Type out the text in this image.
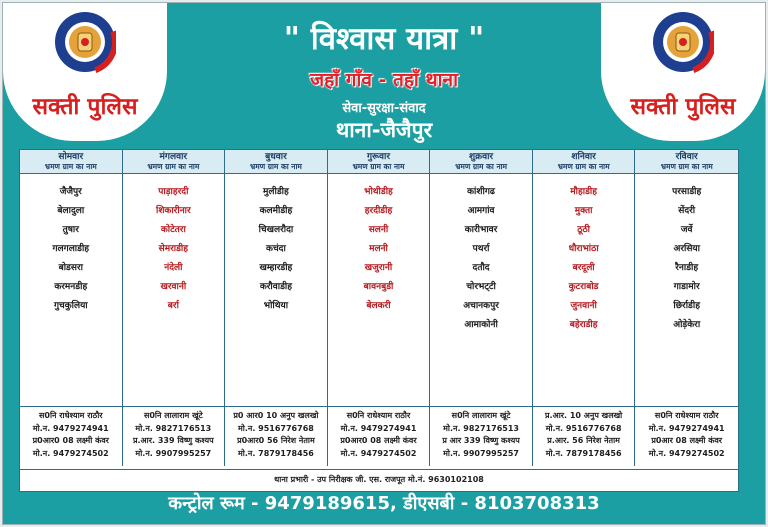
सक्ती पुलिस	सक्ती पुलिस
" विश्वास यात्रा "
जहाँ गाँव - तहाँ थाना
सेवा-सुरक्षा-संवाद
थाना-जैजैपुर
सोमवार
भ्रमण ग्राम का नाम
जैजैपुर
बेलादुला
तुषार
गलगलाडीह
बोडसरा
करमनडीह
गुचकुलिया
स0नि राधेश्याम राठौर
मो.न. 9479274941
प्र0आर0 08 लक्ष्मी कंवर
मो.न. 9479274502
मंगलवार
भ्रमण ग्राम का नाम
पाड़ाहरदी
शिकारीनार
कोटेतरा
सेमराडीह
नंदेली
खरवानी
बर्रा
स0नि लालाराम खूंटे
मो.न. 9827176513
प्र.आर. 339 विष्णु कश्यप
मो.न. 9907995257
बुधवार
भ्रमण ग्राम का नाम
मुलीडीह
कलमीडीह
चिखलरौदा
कचंदा
खम्हारडीह
करौवाडीह
भोथिया
प्र0 आर0 10 अनुप खलखो
मो.न. 9516776768
प्र0आर0 56 निरेश नेताम
मो.न. 7879178456
गुरूवार
भ्रमण ग्राम का नाम
भोथीडीह
हरदीडीह
सलनी
मलनी
खजुरानी
बावनबुडी
बेलकरी
स0नि राधेश्याम राठौर
मो.न. 9479274941
प्र0आर0 08 लक्ष्मी कंवर
मो.न. 9479274502
शुक्रवार
भ्रमण ग्राम का नाम
कांशीगढ
आमगांव
कारीभावर
पथर्रा
दतौद
चोरभट्‌टी
अचानकपुर
आमाकोनी
स0नि लालाराम खूंटे
मो.न. 9827176513
प्र आर 339 विष्णु कश्यप
मो.न. 9907995257
शनिवार
भ्रमण ग्राम का नाम
मौहाडीह
मुक्ता
ठूठी
धौराभांठा
बरदूली
कुटराबोड
जुनवानी
बहेराडीह
प्र.आर. 10 अनुप खलखो
मो.न. 9516776768
प्र.आर. 56 निरेश नेताम
मो.न. 7879178456
रविवार
भ्रमण ग्राम का नाम
परसाडीह
सेंदरी
जर्वे
अरसिया
रैनाडीह
गाडामोर
छिर्राडीह
ओड़ेकेरा
स0नि राधेश्याम राठौर
मो.न. 9479274941
प्र0आर 08 लक्ष्मी कंवर
मो.न. 9479274502
थाना प्रभारी - उप निरीक्षक जी. एस. राजपूत मो.नं. 9630102108
कन्ट्रोल रूम - 9479189615, डीएसबी - 8103708313
